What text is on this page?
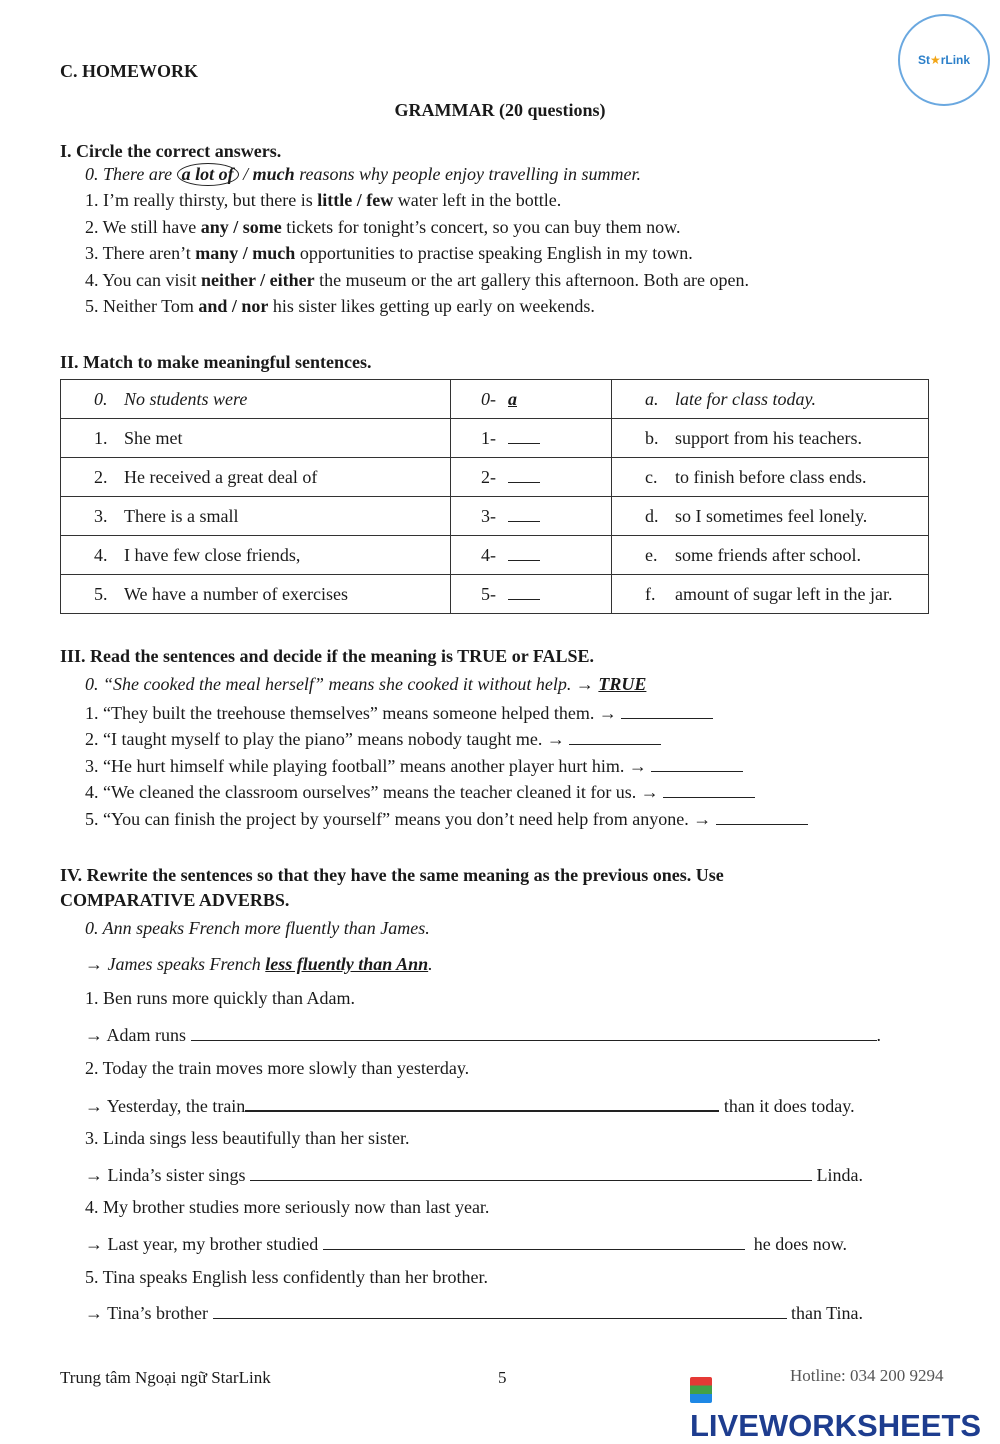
St ★ rLink
C. HOMEWORK
GRAMMAR (20 questions)
I. Circle the correct answers.
0. There are a lot of / much reasons why people enjoy travelling in summer.
1. I’m really thirsty, but there is little / few water left in the bottle.
2. We still have any / some tickets for tonight’s concert, so you can buy them now.
3. There aren’t many / much opportunities to practise speaking English in my town.
4. You can visit neither / either the museum or the art gallery this afternoon. Both are open.
5. Neither Tom and / nor his sister likes getting up early on weekends.
II. Match to make meaningful sentences.
0. No students were	0- a	a. late for class today.
1. She met	1-	b. support from his teachers.
2. He received a great deal of	2-	c. to finish before class ends.
3. There is a small	3-	d. so I sometimes feel lonely.
4. I have few close friends,	4-	e. some friends after school.
5. We have a number of exercises	5-	f. amount of sugar left in the jar.
III. Read the sentences and decide if the meaning is TRUE or FALSE.
0. “She cooked the meal herself” means she cooked it without help. → TRUE
1. “They built the treehouse themselves” means someone helped them. →
2. “I taught myself to play the piano” means nobody taught me. →
3. “He hurt himself while playing football” means another player hurt him. →
4. “We cleaned the classroom ourselves” means the teacher cleaned it for us. →
5. “You can finish the project by yourself” means you don’t need help from anyone. →
IV. Rewrite the sentences so that they have the same meaning as the previous ones. Use
COMPARATIVE ADVERBS.
0. Ann speaks French more fluently than James.
→ James speaks French less fluently than Ann.
1. Ben runs more quickly than Adam.
→ Adam runs	.
2. Today the train moves more slowly than yesterday.
→ Yesterday, the train	than it does today.
3. Linda sings less beautifully than her sister.
→ Linda’s sister sings	Linda.
4. My brother studies more seriously now than last year.
→ Last year, my brother studied	he does now.
5. Tina speaks English less confidently than her brother.
→ Tina’s brother	than Tina.
Trung tâm Ngoại ngữ StarLink	5	Hotline: 034 200 9294
LIVEWORKSHEETS
